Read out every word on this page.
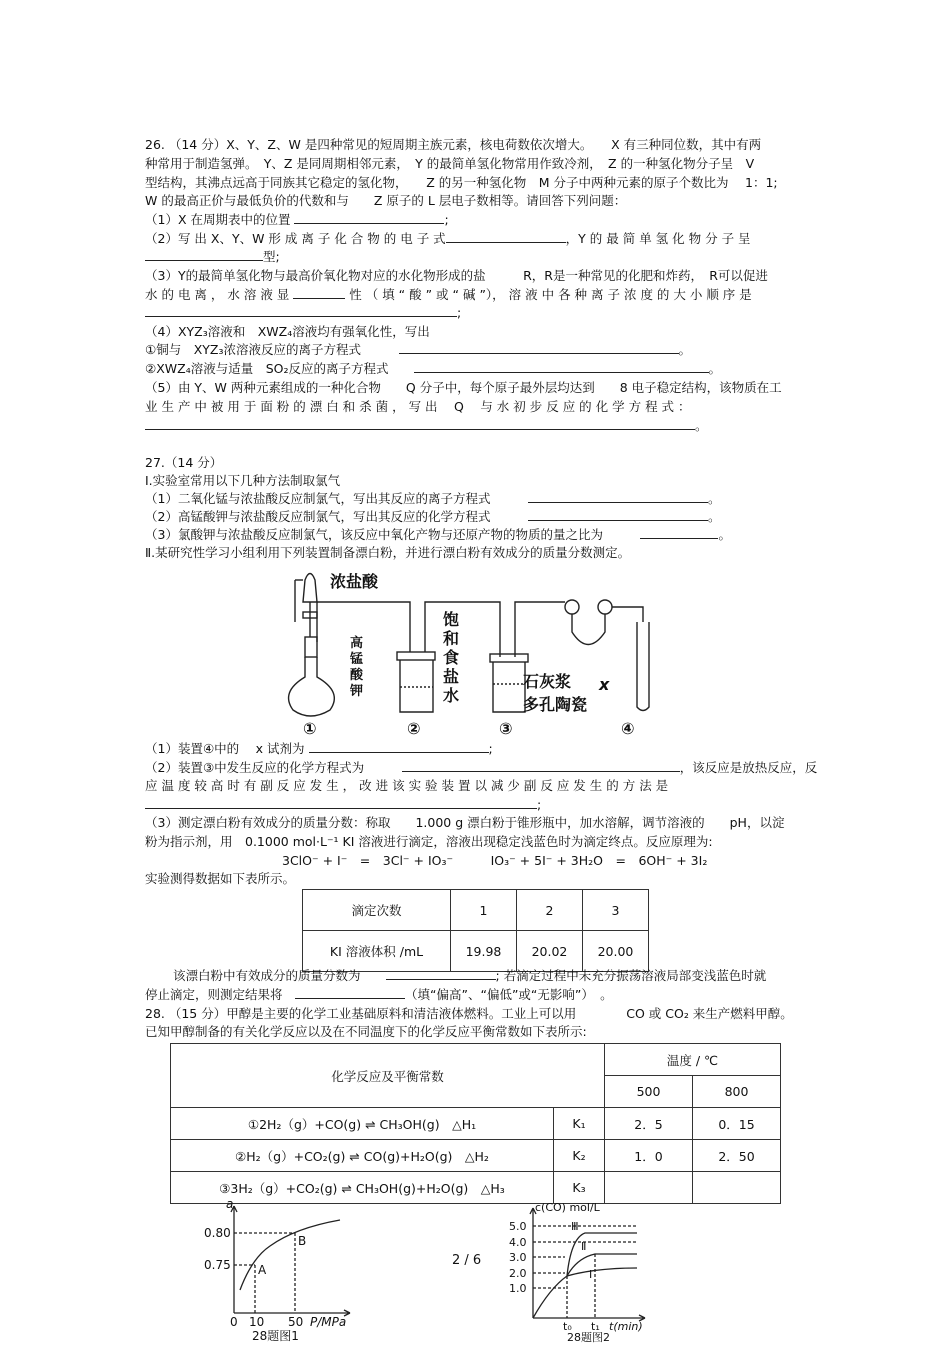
26. （14 分）X、Y、Z、W 是四种常见的短周期主族元素，核电荷数依次增大。　　X 有三种同位数，其中有两
种常用于制造氢弹。　Y、Z 是同周期相邻元素，　Y 的最简单氢化物常用作致冷剂，　Z 的一种氢化物分子呈　V
型结构，其沸点远高于同族其它稳定的氢化物，　　Z 的另一种氢化物　M 分子中两种元素的原子个数比为　 1：1;
W 的最高正价与最低负价的代数和与　　Z 原子的 L 层电子数相等。请回答下列问题：
（1）X 在周期表中的位置	;
（2）写 出 X、Y、W 形 成 离 子 化 合 物 的 电 子 式	，Y 的 最 简 单 氢 化 物 分 子 呈
型;
（3）Y的最简单氢化物与最高价氧化物对应的水化物形成的盐　　　R，R是一种常见的化肥和炸药，　R可以促进
水 的 电 离 ， 水 溶 液 显	性 （ 填 “ 酸 ” 或 “ 碱 ”）， 溶 液 中 各 种 离 子 浓 度 的 大 小 顺 序 是
;
（4）XYZ₃溶液和　XWZ₄溶液均有强氧化性，写出
①铜与　XYZ₃浓溶液反应的离子方程式　　　	。
②XWZ₄溶液与适量　SO₂反应的离子方程式　　	。
（5）由 Y、W 两种元素组成的一种化合物　　Q 分子中，每个原子最外层均达到　　8 电子稳定结构，该物质在工
业 生 产 中 被 用 于 面 粉 的 漂 白 和 杀 菌 ， 写 出 　Q　 与 水 初 步 反 应 的 化 学 方 程 式 ：
。
27.（14 分）
Ⅰ.实验室常用以下几种方法制取氯气
（1）二氧化锰与浓盐酸反应制氯气，写出其反应的离子方程式　　　	。
（2）高锰酸钾与浓盐酸反应制氯气，写出其反应的化学方程式　　　	。
（3）氯酸钾与浓盐酸反应制氯气，该反应中氧化产物与还原产物的物质的量之比为　　　	。
Ⅱ.某研究性学习小组利用下列装置制备漂白粉，并进行漂白粉有效成分的质量分数测定。
浓盐酸
高
锰
酸
钾
饱
和
食
盐
水
石灰浆
多孔陶瓷
x
①	②	③	④
（1）装置④中的　 x 试剂为	;
（2）装置③中发生反应的化学方程式为　　　	，该反应是放热反应，反
应 温 度 较 高 时 有 副 反 应 发 生 ， 改 进 该 实 验 装 置 以 减 少 副 反 应 发 生 的 方 法 是
;
（3）测定漂白粉有效成分的质量分数：称取　　1.000 g 漂白粉于锥形瓶中，加水溶解，调节溶液的　　pH，以淀
粉为指示剂，用　0.1000 mol·L⁻¹ KI 溶液进行滴定，溶液出现稳定浅蓝色时为滴定终点。反应原理为:
3ClO⁻ + I⁻　=　3Cl⁻ + IO₃⁻　　　IO₃⁻ + 5I⁻ + 3H₂O　=　6OH⁻ + 3I₂
实验测得数据如下表所示。
滴定次数	1	2	3
KI 溶液体积 /mL	19.98	20.02	20.00
该漂白粉中有效成分的质量分数为　　	; 若滴定过程中未充分振荡溶液局部变浅蓝色时就
停止滴定，则测定结果将　	（填“偏高”、“偏低”或“无影响”）　。
28. （15 分）甲醇是主要的化学工业基础原料和清洁液体燃料。工业上可以用　　　　CO 或 CO₂ 来生产燃料甲醇。
已知甲醇制备的有关化学反应以及在不同温度下的化学反应平衡常数如下表所示:
化学反应及平衡常数		温度 / ℃	
		500	800
①2H₂（g）+CO(g) ⇌ CH₃OH(g)　△H₁	K₁	2．5	0．15
②H₂（g）+CO₂(g) ⇌ CO(g)+H₂O(g)　△H₂	K₂	1．0	2．50
③3H₂（g）+CO₂(g) ⇌ CH₃OH(g)+H₂O(g)　△H₃	K₃		
a
0.80
0.75 A
B
0 10 50 P/MPa
28题图1
2 / 6
c(CO) mol/L
5.0
4.0
3.0
2.0
1.0
Ⅲ
Ⅱ
Ⅰ
t₀ t₁ t(min)
28题图2
